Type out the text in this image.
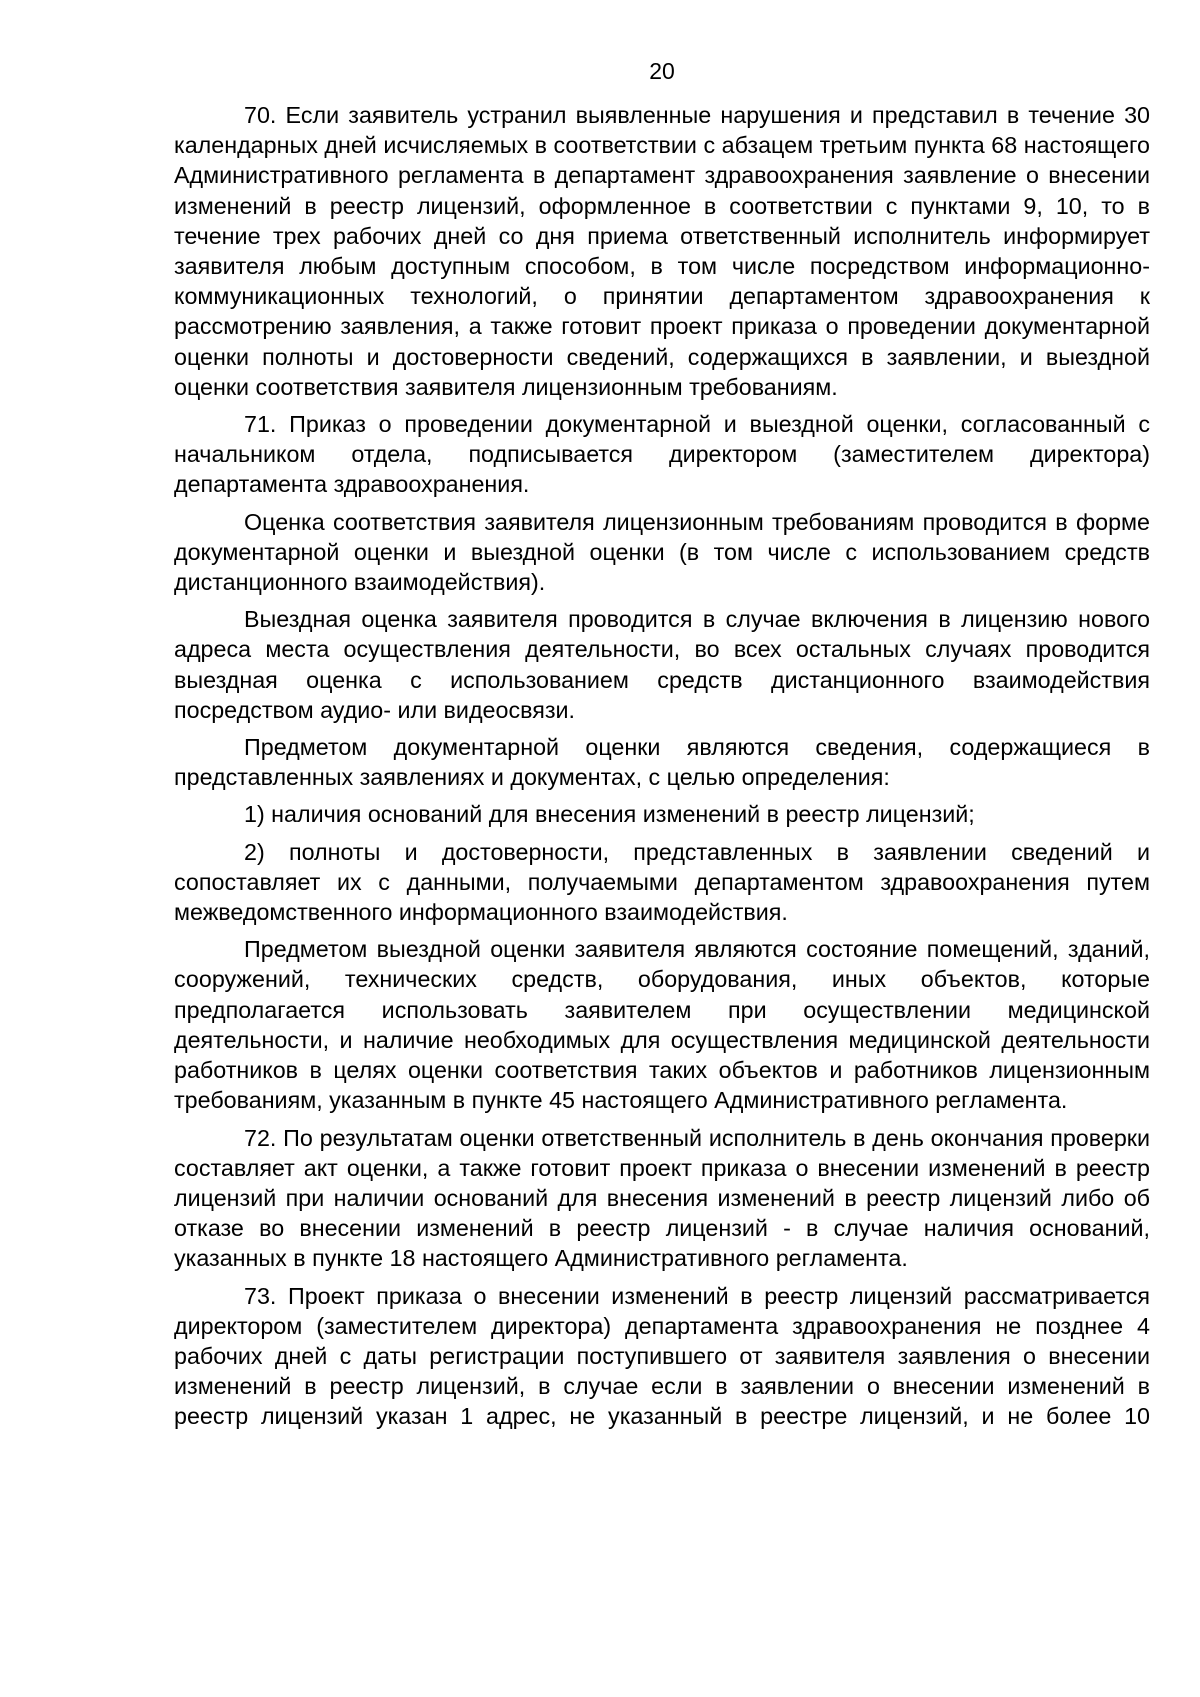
20

70. Если заявитель устранил выявленные нарушения и представил в течение 30 календарных дней исчисляемых в соответствии с абзацем третьим пункта 68 настоящего Административного регламента в департамент здравоохранения заявление о внесении изменений в реестр лицензий, оформленное в соответствии с пунктами 9, 10, то в течение трех рабочих дней со дня приема ответственный исполнитель информирует заявителя любым доступным способом, в том числе посредством информационно-коммуникационных технологий, о принятии департаментом здравоохранения к рассмотрению заявления, а также готовит проект приказа о проведении документарной оценки полноты и достоверности сведений, содержащихся в заявлении, и выездной оценки соответствия заявителя лицензионным требованиям.

71. Приказ о проведении документарной и выездной оценки, согласованный с начальником отдела, подписывается директором (заместителем директора) департамента здравоохранения.

Оценка соответствия заявителя лицензионным требованиям проводится в форме документарной оценки и выездной оценки (в том числе с использованием средств дистанционного взаимодействия).

Выездная оценка заявителя проводится в случае включения в лицензию нового адреса места осуществления деятельности, во всех остальных случаях проводится выездная оценка с использованием средств дистанционного взаимодействия посредством аудио- или видеосвязи.

Предметом документарной оценки являются сведения, содержащиеся в представленных заявлениях и документах, с целью определения:

1) наличия оснований для внесения изменений в реестр лицензий;

2) полноты и достоверности, представленных в заявлении сведений и сопоставляет их с данными, получаемыми департаментом здравоохранения путем межведомственного информационного взаимодействия.

Предметом выездной оценки заявителя являются состояние помещений, зданий, сооружений, технических средств, оборудования, иных объектов, которые предполагается использовать заявителем при осуществлении медицинской деятельности, и наличие необходимых для осуществления медицинской деятельности работников в целях оценки соответствия таких объектов и работников лицензионным требованиям, указанным в пункте 45 настоящего Административного регламента.

72. По результатам оценки ответственный исполнитель в день окончания проверки составляет акт оценки, а также готовит проект приказа о внесении изменений в реестр лицензий при наличии оснований для внесения изменений в реестр лицензий либо об отказе во внесении изменений в реестр лицензий - в случае наличия оснований, указанных в пункте 18 настоящего Административного регламента.

73. Проект приказа о внесении изменений в реестр лицензий рассматривается директором (заместителем директора) департамента здравоохранения не позднее 4 рабочих дней с даты регистрации поступившего от заявителя заявления о внесении изменений в реестр лицензий, в случае если в заявлении о внесении изменений в реестр лицензий указан 1 адрес, не указанный в реестре лицензий, и не более 10
